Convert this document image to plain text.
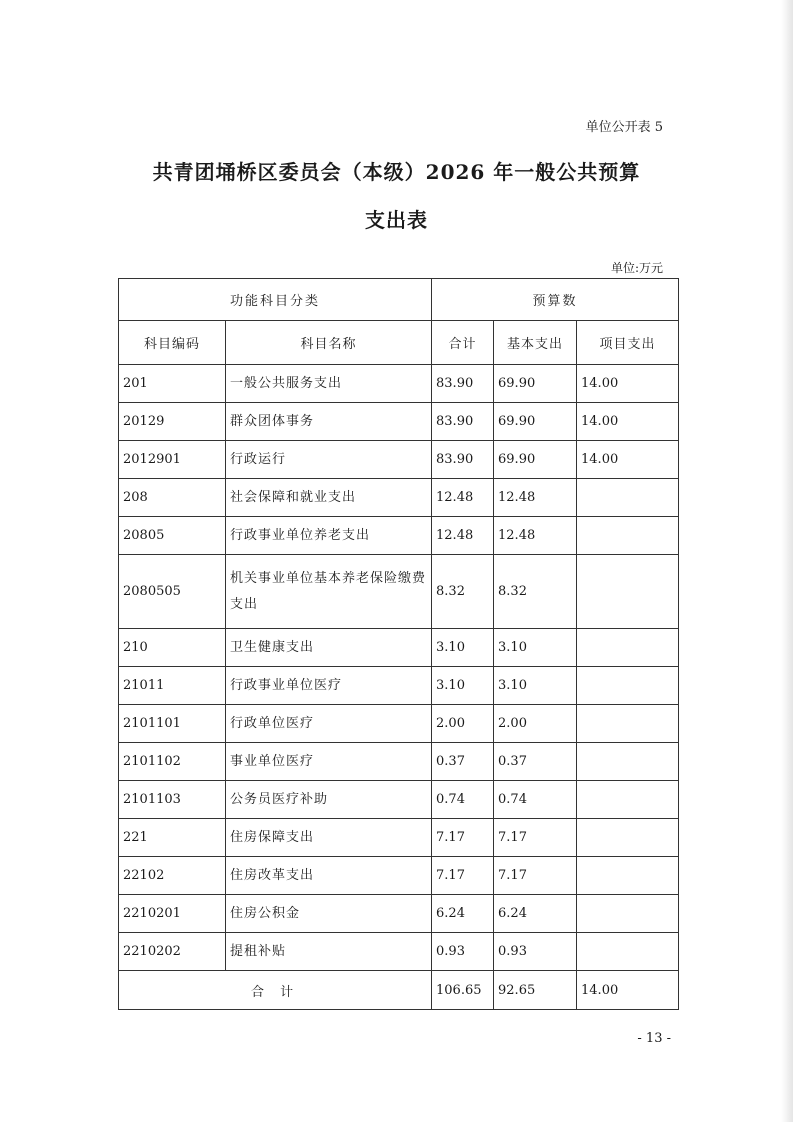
单位公开表 5
共青团埇桥区委员会（本级）2026 年一般公共预算
支出表
单位:万元
功能科目分类		预算数		
科目编码	科目名称	合计	基本支出	项目支出
201	一般公共服务支出	83.90	69.90	14.00
20129	群众团体事务	83.90	69.90	14.00
2012901	行政运行	83.90	69.90	14.00
208	社会保障和就业支出	12.48	12.48	
20805	行政事业单位养老支出	12.48	12.48	
2080505	机关事业单位基本养老保险缴费支出	8.32	8.32	
210	卫生健康支出	3.10	3.10	
21011	行政事业单位医疗	3.10	3.10	
2101101	行政单位医疗	2.00	2.00	
2101102	事业单位医疗	0.37	0.37	
2101103	公务员医疗补助	0.74	0.74	
221	住房保障支出	7.17	7.17	
22102	住房改革支出	7.17	7.17	
2210201	住房公积金	6.24	6.24	
2210202	提租补贴	0.93	0.93	
合 计		106.65	92.65	14.00
- 13 -
